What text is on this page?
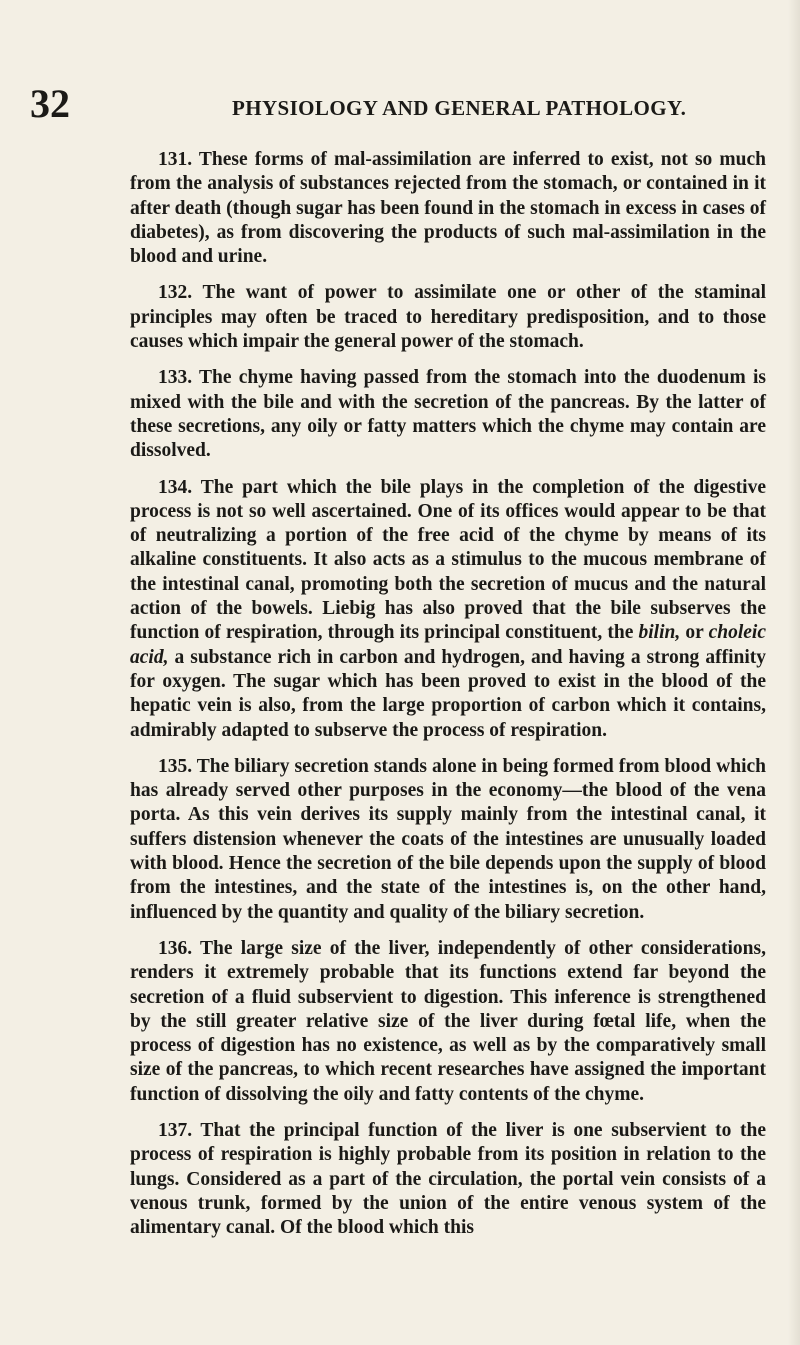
32	PHYSIOLOGY AND GENERAL PATHOLOGY.

131. These forms of mal-assimilation are inferred to exist, not so much from the analysis of substances rejected from the stomach, or contained in it after death (though sugar has been found in the stomach in excess in cases of diabetes), as from discovering the products of such mal-assimilation in the blood and urine.

132. The want of power to assimilate one or other of the staminal principles may often be traced to hereditary predisposition, and to those causes which impair the general power of the stomach.

133. The chyme having passed from the stomach into the duodenum is mixed with the bile and with the secretion of the pancreas. By the latter of these secretions, any oily or fatty matters which the chyme may contain are dissolved.

134. The part which the bile plays in the completion of the digestive process is not so well ascertained. One of its offices would appear to be that of neutralizing a portion of the free acid of the chyme by means of its alkaline constituents. It also acts as a stimulus to the mucous membrane of the intestinal canal, promoting both the secretion of mucus and the natural action of the bowels. Liebig has also proved that the bile subserves the function of respiration, through its principal constituent, the bilin, or choleic acid, a substance rich in carbon and hydrogen, and having a strong affinity for oxygen. The sugar which has been proved to exist in the blood of the hepatic vein is also, from the large proportion of carbon which it contains, admirably adapted to subserve the process of respiration.

135. The biliary secretion stands alone in being formed from blood which has already served other purposes in the economy—the blood of the vena porta. As this vein derives its supply mainly from the intestinal canal, it suffers distension whenever the coats of the intestines are unusually loaded with blood. Hence the secretion of the bile depends upon the supply of blood from the intestines, and the state of the intestines is, on the other hand, influenced by the quantity and quality of the biliary secretion.

136. The large size of the liver, independently of other considerations, renders it extremely probable that its functions extend far beyond the secretion of a fluid subservient to digestion. This inference is strengthened by the still greater relative size of the liver during fœtal life, when the process of digestion has no existence, as well as by the comparatively small size of the pancreas, to which recent researches have assigned the important function of dissolving the oily and fatty contents of the chyme.

137. That the principal function of the liver is one subservient to the process of respiration is highly probable from its position in relation to the lungs. Considered as a part of the circulation, the portal vein consists of a venous trunk, formed by the union of the entire venous system of the alimentary canal. Of the blood which this
